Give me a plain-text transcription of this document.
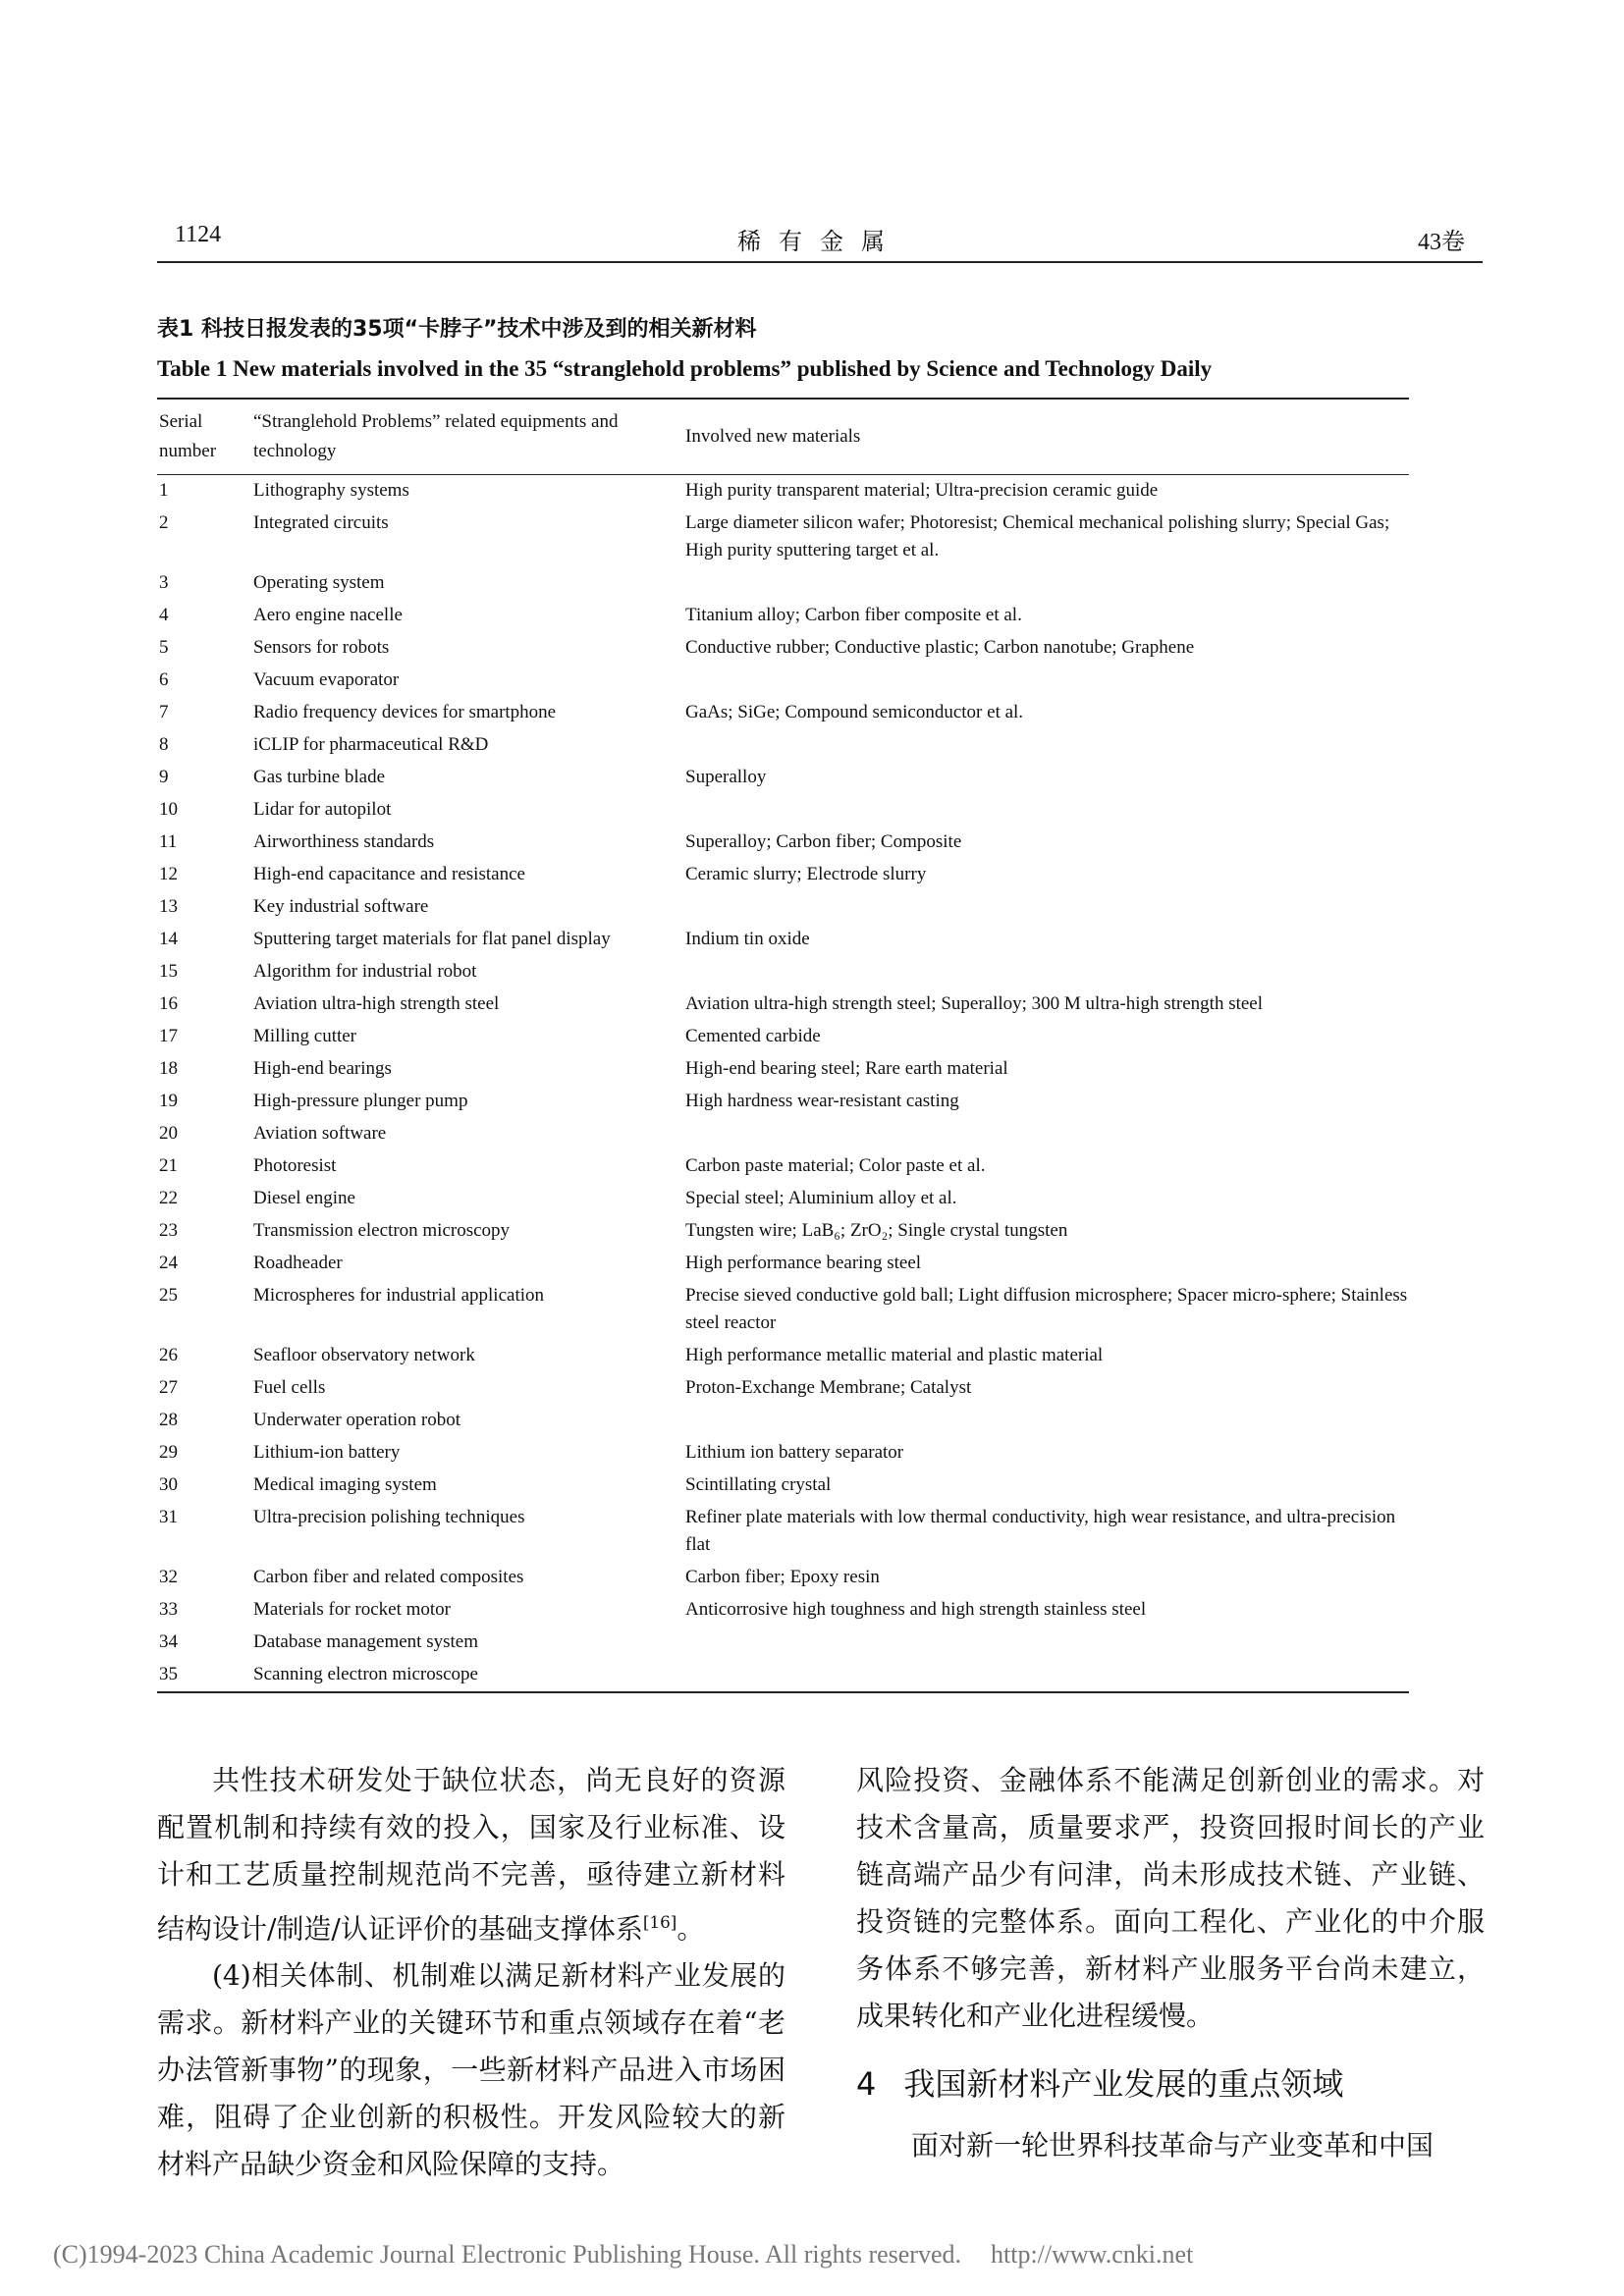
1124	稀有金属	43卷
表1 科技日报发表的35项“卡脖子”技术中涉及到的相关新材料
Table 1 New materials involved in the 35 “stranglehold problems” published by Science and Technology Daily
Serial number	“Stranglehold Problems” related equipments and technology	Involved new materials
1	Lithography systems	High purity transparent material; Ultra-precision ceramic guide
2	Integrated circuits	Large diameter silicon wafer; Photoresist; Chemical mechanical polishing slurry; Special Gas; High purity sputtering target et al.
3	Operating system	
4	Aero engine nacelle	Titanium alloy; Carbon fiber composite et al.
5	Sensors for robots	Conductive rubber; Conductive plastic; Carbon nanotube; Graphene
6	Vacuum evaporator	
7	Radio frequency devices for smartphone	GaAs; SiGe; Compound semiconductor et al.
8	iCLIP for pharmaceutical R&D	
9	Gas turbine blade	Superalloy
10	Lidar for autopilot	
11	Airworthiness standards	Superalloy; Carbon fiber; Composite
12	High-end capacitance and resistance	Ceramic slurry; Electrode slurry
13	Key industrial software	
14	Sputtering target materials for flat panel display	Indium tin oxide
15	Algorithm for industrial robot	
16	Aviation ultra-high strength steel	Aviation ultra-high strength steel; Superalloy; 300 M ultra-high strength steel
17	Milling cutter	Cemented carbide
18	High-end bearings	High-end bearing steel; Rare earth material
19	High-pressure plunger pump	High hardness wear-resistant casting
20	Aviation software	
21	Photoresist	Carbon paste material; Color paste et al.
22	Diesel engine	Special steel; Aluminium alloy et al.
23	Transmission electron microscopy	Tungsten wire; LaB₆; ZrO₂; Single crystal tungsten
24	Roadheader	High performance bearing steel
25	Microspheres for industrial application	Precise sieved conductive gold ball; Light diffusion microsphere; Spacer micro-sphere; Stainless steel reactor
26	Seafloor observatory network	High performance metallic material and plastic material
27	Fuel cells	Proton-Exchange Membrane; Catalyst
28	Underwater operation robot	
29	Lithium-ion battery	Lithium ion battery separator
30	Medical imaging system	Scintillating crystal
31	Ultra-precision polishing techniques	Refiner plate materials with low thermal conductivity, high wear resistance, and ultra-precision flat
32	Carbon fiber and related composites	Carbon fiber; Epoxy resin
33	Materials for rocket motor	Anticorrosive high toughness and high strength stainless steel
34	Database management system	
35	Scanning electron microscope	
共性技术研发处于缺位状态，尚无良好的资源配置机制和持续有效的投入，国家及行业标准、设计和工艺质量控制规范尚不完善，亟待建立新材料结构设计/制造/认证评价的基础支撑体系[16]。
(4)相关体制、机制难以满足新材料产业发展的需求。新材料产业的关键环节和重点领域存在着“老办法管新事物”的现象，一些新材料产品进入市场困难，阻碍了企业创新的积极性。开发风险较大的新材料产品缺少资金和风险保障的支持。
风险投资、金融体系不能满足创新创业的需求。对技术含量高，质量要求严，投资回报时间长的产业链高端产品少有问津，尚未形成技术链、产业链、投资链的完整体系。面向工程化、产业化的中介服务体系不够完善，新材料产业服务平台尚未建立，成果转化和产业化进程缓慢。
4 我国新材料产业发展的重点领域
面对新一轮世界科技革命与产业变革和中国
(C)1994-2023 China Academic Journal Electronic Publishing House. All rights reserved. http://www.cnki.net
